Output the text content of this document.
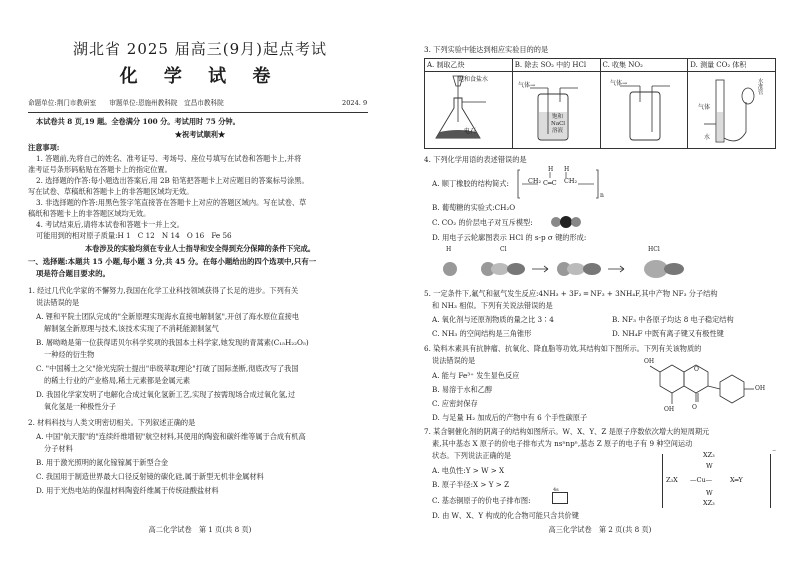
湖北省 2025 届高三(9月)起点考试
化 学 试 卷
命题单位:荆门市教研室　　审题单位:恩施州教科院　宜昌市教科院	2024. 9
本试卷共 8 页,19 题。全卷满分 100 分。考试用时 75 分钟。
★祝考试顺利★
注意事项:
1. 答题前,先将自己的姓名、准考证号、考场号、座位号填写在试卷和答题卡上,并将
准考证号条形码粘贴在答题卡上的指定位置。
2. 选择题的作答:每小题选出答案后,用 2B 铅笔把答题卡上对应题目的答案标号涂黑。
写在试卷、草稿纸和答题卡上的非答题区域均无效。
3. 非选择题的作答:用黑色签字笔直接答在答题卡上对应的答题区域内。写在试卷、草
稿纸和答题卡上的非答题区域均无效。
4. 考试结束后,请将本试卷和答题卡一并上交。
可能用到的相对原子质量:H 1　C 12　N 14　O 16　Fe 56
本卷涉及的实验均须在专业人士指导和安全得到充分保障的条件下完成。
一、选择题:本题共 15 小题,每小题 3 分,共 45 分。在每小题给出的四个选项中,只有一
项是符合题目要求的。
1. 经过几代化学家的不懈努力,我国在化学工业科技领域获得了长足的进步。下列有关
说法错误的是
A. 锂和平院士团队完成的"全新原理实现海水直接电解制氢",开创了海水原位直接电
解制氢全新原理与技术,该技术实现了不消耗能源制氢气
B. 屠呦呦是第一位获得诺贝尔科学奖项的我国本土科学家,她发现的青蒿素(C₁₅H₂₂O₅)
一种烃的衍生物
C. "中国稀土之父"徐光宪院士提出"串级萃取理论"打破了国际垄断,彻底改写了我国
的稀土行业的产业格局,稀土元素都是金属元素
D. 我国化学家发明了电解化合成过氧化氢新工艺,实现了按需现场合成过氧化氢,过
氧化氢是一种极性分子
2. 材料科技与人类文明密切相关。下列叙述正确的是
A. 中国"航天服"的"连续纤维增韧"航空材料,其使用的陶瓷和碳纤维等属于合成有机高
分子材料
B. 用于激光照明的氮化镓镓属于新型合金
C. 我国用于制造世界最大口径反射镜的碳化硅,属于新型无机非金属材料
D. 用于光热电站的保温材料陶瓷纤维属于传统硅酸盐材料
高二化学试卷　第 1 页(共 8 页)
3. 下列实验中能达到相应实验目的的是
A. 制取乙炔	B. 除去 SO₂ 中的 HCl	C. 收集 NO₂	D. 测量 CO₂ 体积

饱和食盐水
电石
气体→
饱和
NaCl
溶液
气体→
气体
水
水准管
4. 下列化学用语的表述错误的是
A. 顺丁橡胶的结构简式:	CH₂ C═C CH₂
H H
n
B. 葡萄糖的实验式:CH₂O
C. CO₂ 的价层电子对互斥模型:
D. 用电子云轮廓图表示 HCl 的 s-p σ 键的形成:
H	Cl	HCl
5. 一定条件下,氟气和氨气发生反应:4NH₃ + 3F₂ ═ NF₃ + 3NH₄F,其中产物 NF₃ 分子结构
和 NH₃ 相似。下列有关说法错误的是
A. 氧化剂与还原剂物质的量之比 3∶4	B. NF₃ 中各原子均达 8 电子稳定结构
C. NH₃ 的空间结构是三角锥形	D. NH₄F 中既有离子键又有极性键
6. 染料木素具有抗肿瘤、抗氧化、降血脂等功效,其结构如下图所示。下列有关该物质的
说法错误的是
A. 能与 Fe³⁺ 发生显色反应
B. 易溶于水和乙醇
C. 应密封保存
D. 与足量 H₂ 加成后的产物中有 6 个手性碳原子
OH
OH
OH
O
O
7. 某含铜催化剂的阴离子的结构如图所示。W、X、Y、Z 是原子序数依次增大的短周期元
素,其中基态 X 原子的价电子排布式为 nsⁿnpⁿ,基态 Z 原子的电子有 9 种空间运动
状态。下列说法正确的是
A. 电负性:Y > W > X
B. 原子半径:X > Y > Z
C. 基态铜原子的价电子排布图:
D. 由 W、X、Y 构成的化合物可能只含共价键
4s
XZ₃
W
Z₃X —Cu—	X═Y
W
XZ₃
⁻
高三化学试卷　第 2 页(共 8 页)
